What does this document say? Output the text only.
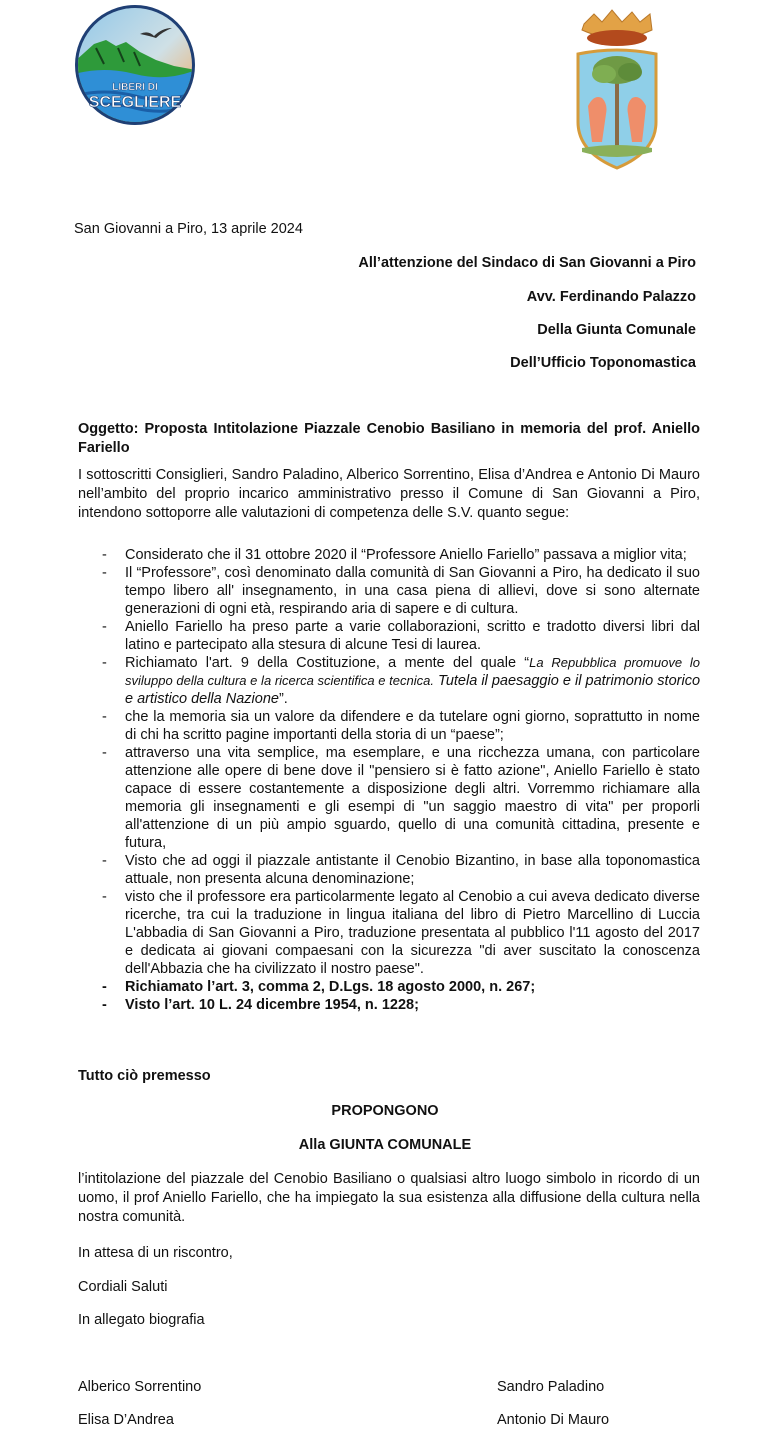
LIBERI DI
SCEGLIERE
San Giovanni a Piro, 13 aprile 2024
All’attenzione del Sindaco di San Giovanni a Piro
Avv. Ferdinando Palazzo
Della Giunta Comunale
Dell’Ufficio Toponomastica
Oggetto: Proposta Intitolazione Piazzale Cenobio Basiliano in memoria del prof. Aniello Fariello
I sottoscritti Consiglieri, Sandro Paladino, Alberico Sorrentino, Elisa d’Andrea e Antonio Di Mauro nell’ambito del proprio incarico amministrativo presso il Comune di San Giovanni a Piro, intendono sottoporre alle valutazioni di competenza delle S.V. quanto segue:
- Considerato che il 31 ottobre 2020 il “Professore Aniello Fariello” passava a miglior vita;
- Il “Professore”, così denominato dalla comunità di San Giovanni a Piro, ha dedicato il suo tempo libero all' insegnamento, in una casa piena di allievi, dove si sono alternate generazioni di ogni età, respirando aria di sapere e di cultura.
- Aniello Fariello ha preso parte a varie collaborazioni, scritto e tradotto diversi libri dal latino e partecipato alla stesura di alcune Tesi di laurea.
- Richiamato l'art. 9 della Costituzione, a mente del quale “La Repubblica promuove lo sviluppo della cultura e la ricerca scientifica e tecnica. Tutela il paesaggio e il patrimonio storico e artistico della Nazione”.
- che la memoria sia un valore da difendere e da tutelare ogni giorno, soprattutto in nome di chi ha scritto pagine importanti della storia di un “paese”;
- attraverso una vita semplice, ma esemplare, e una ricchezza umana, con particolare attenzione alle opere di bene dove il "pensiero si è fatto azione", Aniello Fariello è stato capace di essere costantemente a disposizione degli altri. Vorremmo richiamare alla memoria gli insegnamenti e gli esempi di "un saggio maestro di vita" per proporli all'attenzione di un più ampio sguardo, quello di una comunità cittadina, presente e futura,
- Visto che ad oggi il piazzale antistante il Cenobio Bizantino, in base alla toponomastica attuale, non presenta alcuna denominazione;
- visto che il professore era particolarmente legato al Cenobio a cui aveva dedicato diverse ricerche, tra cui la traduzione in lingua italiana del libro di Pietro Marcellino di Luccia L'abbadia di San Giovanni a Piro, traduzione presentata al pubblico l'11 agosto del 2017 e dedicata ai giovani compaesani con la sicurezza "di aver suscitato la conoscenza dell'Abbazia che ha civilizzato il nostro paese".
- Richiamato l’art. 3, comma 2, D.Lgs. 18 agosto 2000, n. 267;
- Visto l’art. 10 L. 24 dicembre 1954, n. 1228;
Tutto ciò premesso
PROPONGONO
Alla GIUNTA COMUNALE
l’intitolazione del piazzale del Cenobio Basiliano o qualsiasi altro luogo simbolo in ricordo di un uomo, il prof Aniello Fariello, che ha impiegato la sua esistenza alla diffusione della cultura nella nostra comunità.
In attesa di un riscontro,
Cordiali Saluti
In allegato biografia
Alberico Sorrentino
Elisa D’Andrea
Sandro Paladino
Antonio Di Mauro
